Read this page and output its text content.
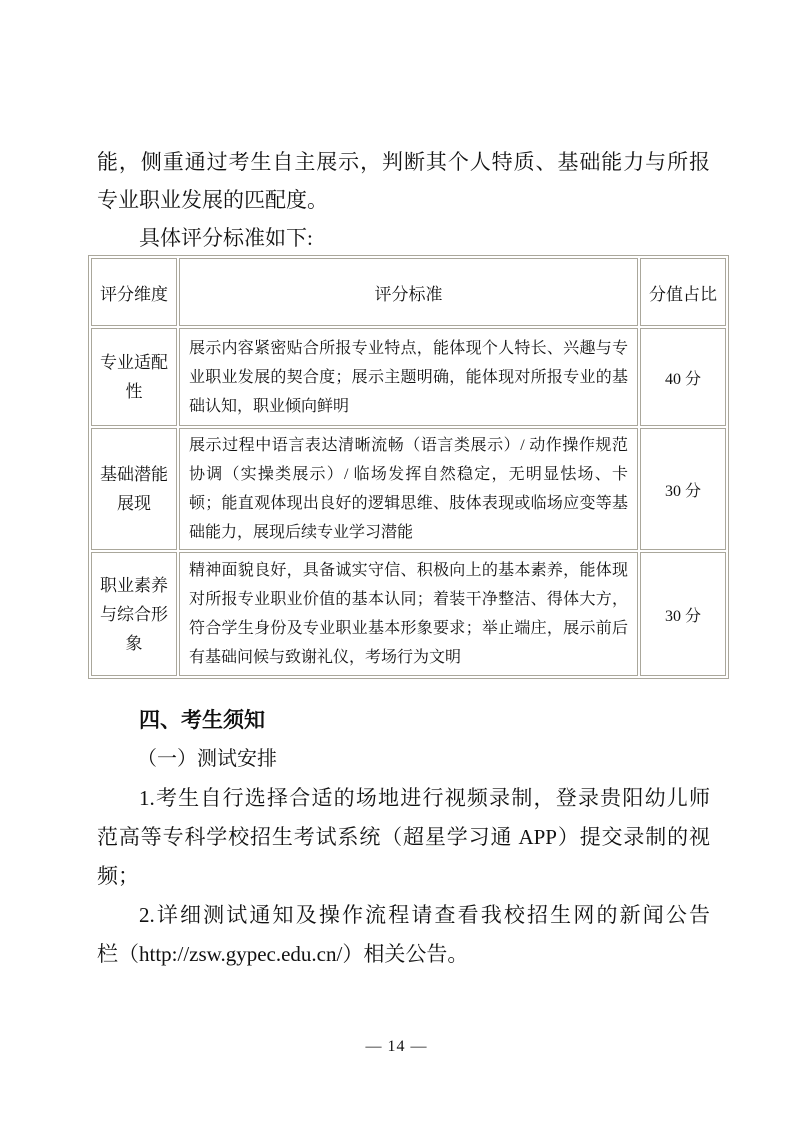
能，侧重通过考生自主展示，判断其个人特质、基础能力与所报
专业职业发展的匹配度。
具体评分标准如下:
评分维度	评分标准	分值占比
专业适配性	展示内容紧密贴合所报专业特点，能体现个人特长、兴趣与专业职业发展的契合度；展示主题明确，能体现对所报专业的基础认知，职业倾向鲜明	40 分
基础潜能展现	展示过程中语言表达清晰流畅（语言类展示）/ 动作操作规范协调（实操类展示）/ 临场发挥自然稳定，无明显怯场、卡顿；能直观体现出良好的逻辑思维、肢体表现或临场应变等基础能力，展现后续专业学习潜能	30 分
职业素养与综合形象	精神面貌良好，具备诚实守信、积极向上的基本素养，能体现对所报专业职业价值的基本认同；着装干净整洁、得体大方，符合学生身份及专业职业基本形象要求；举止端庄，展示前后有基础问候与致谢礼仪，考场行为文明	30 分
四、考生须知
（一）测试安排
1.考生自行选择合适的场地进行视频录制，登录贵阳幼儿师
范高等专科学校招生考试系统（超星学习通 APP）提交录制的视
频；
2.详细测试通知及操作流程请查看我校招生网的新闻公告
栏（http://zsw.gypec.edu.cn/）相关公告。
— 14 —
